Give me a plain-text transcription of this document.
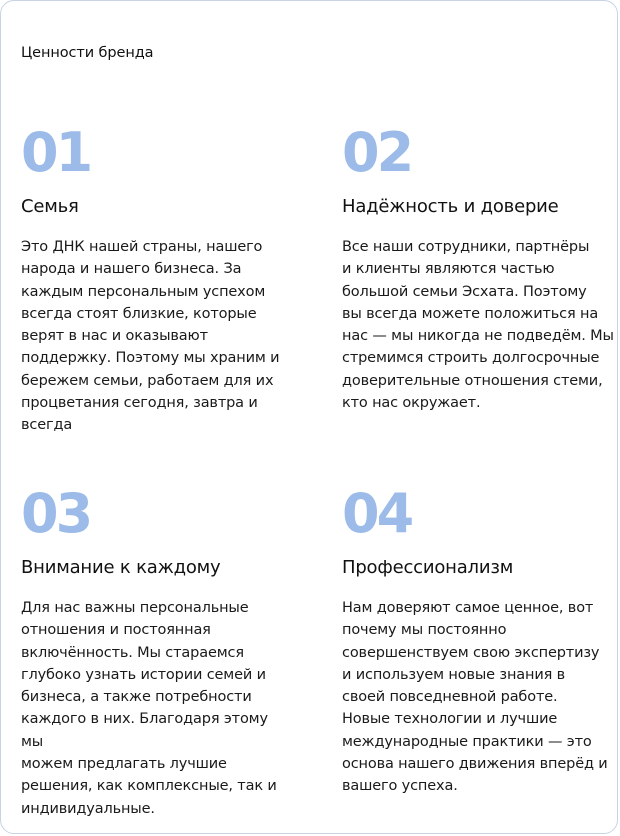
Ценности бренда
01
Семья
Это ДНК нашей страны, нашего
народа и нашего бизнеса. За
каждым персональным успехом
всегда стоят близкие, которые
верят в нас и оказывают
поддержку. Поэтому мы храним и
бережем семьи, работаем для их
процветания сегодня, завтра и
всегда
02
Надёжность и доверие
Все наши сотрудники, партнёры
и клиенты являются частью
большой семьи Эсхата. Поэтому
вы всегда можете положиться на
нас — мы никогда не подведём. Мы
стремимся строить долгосрочные
доверительные отношения стеми,
кто нас окружает.
03
Внимание к каждому
Для нас важны персональные
отношения и постоянная
включённость. Мы стараемся
глубоко узнать истории семей и
бизнеса, а также потребности
каждого в них. Благодаря этому мы
можем предлагать лучшие
решения, как комплексные, так и
индивидуальные.
04
Профессионализм
Нам доверяют самое ценное, вот
почему мы постоянно
совершенствуем свою экспертизу
и используем новые знания в
своей повседневной работе.
Новые технологии и лучшие
международные практики — это
основа нашего движения вперёд и
вашего успеха.
